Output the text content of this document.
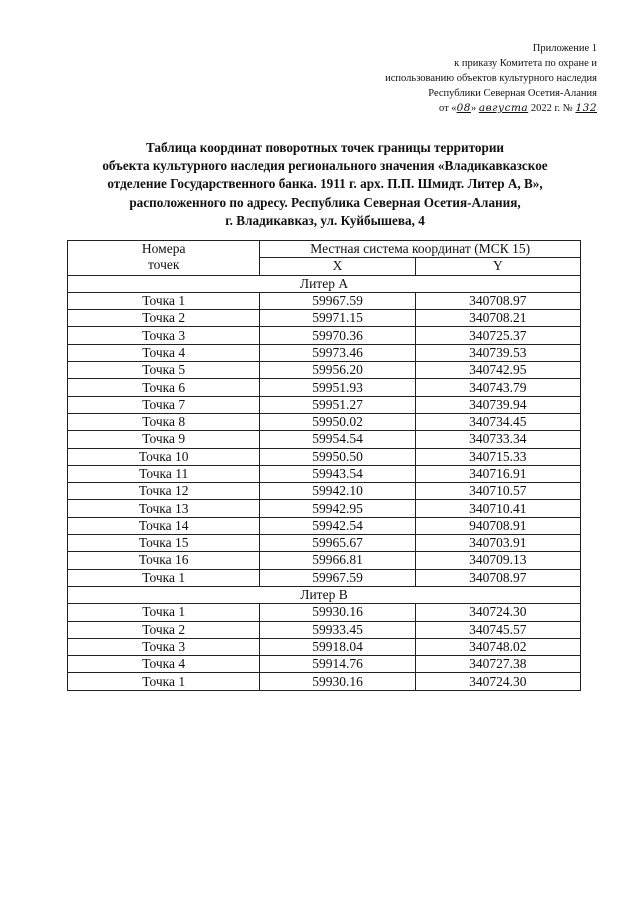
Приложение 1
к приказу Комитета по охране и
использованию объектов культурного наследия
Республики Северная Осетия-Алания
от «08» августа 2022 г. № 132
Таблица координат поворотных точек границы территории
объекта культурного наследия регионального значения «Владикавказское
отделение Государственного банка. 1911 г. арх. П.П. Шмидт. Литер А, В»,
расположенного по адресу. Республика Северная Осетия-Алания,
г. Владикавказ, ул. Куйбышева, 4
Номера
точек	Местная система координат (МСК 15)	
	X	Y
Литер А		
Точка 1	59967.59	340708.97
Точка 2	59971.15	340708.21
Точка 3	59970.36	340725.37
Точка 4	59973.46	340739.53
Точка 5	59956.20	340742.95
Точка 6	59951.93	340743.79
Точка 7	59951.27	340739.94
Точка 8	59950.02	340734.45
Точка 9	59954.54	340733.34
Точка 10	59950.50	340715.33
Точка 11	59943.54	340716.91
Точка 12	59942.10	340710.57
Точка 13	59942.95	340710.41
Точка 14	59942.54	940708.91
Точка 15	59965.67	340703.91
Точка 16	59966.81	340709.13
Точка 1	59967.59	340708.97
Литер В		
Точка 1	59930.16	340724.30
Точка 2	59933.45	340745.57
Точка 3	59918.04	340748.02
Точка 4	59914.76	340727.38
Точка 1	59930.16	340724.30
